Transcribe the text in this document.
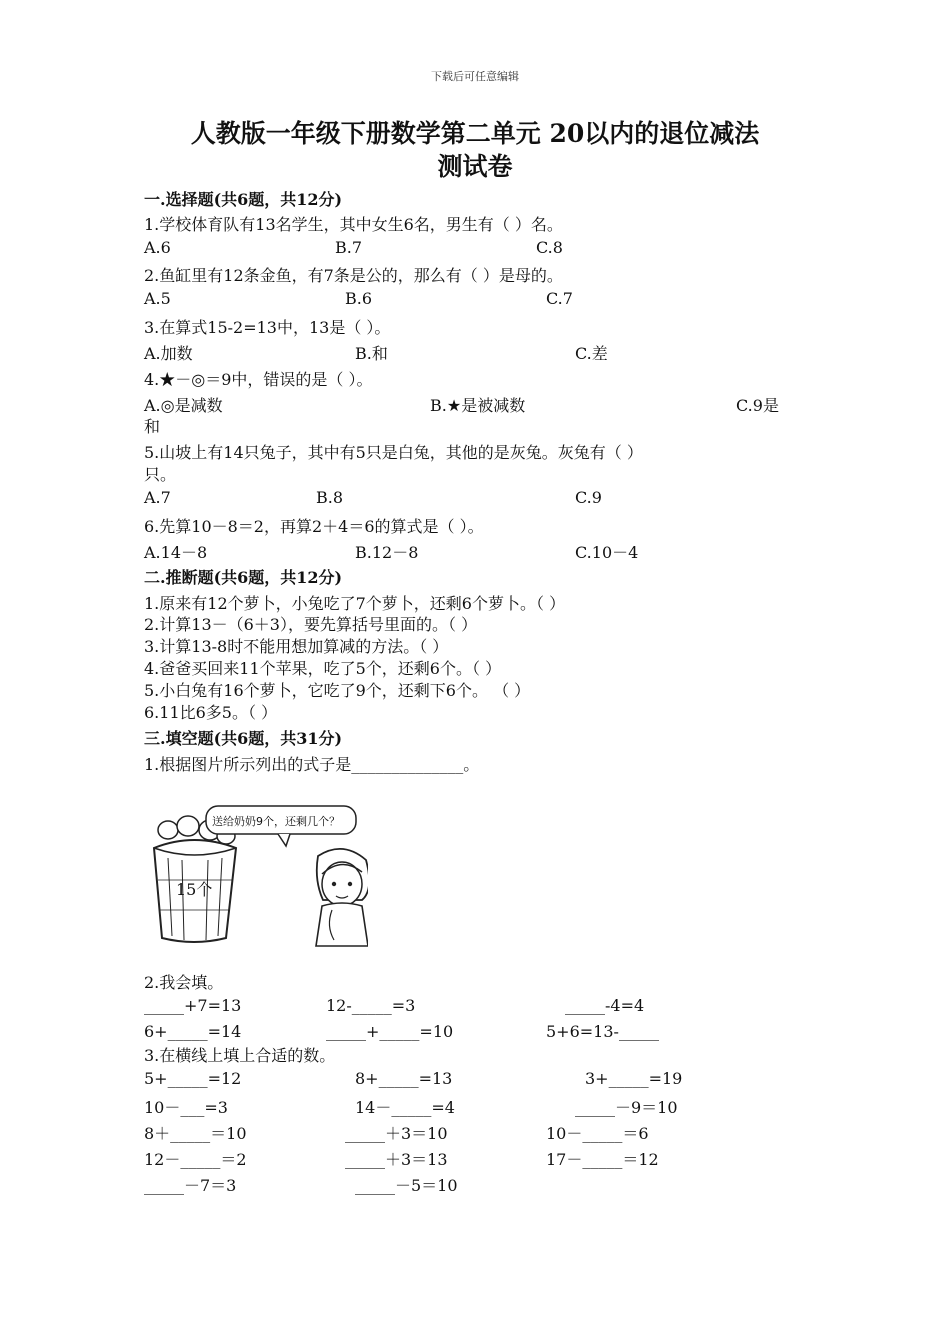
下载后可任意编辑
人教版一年级下册数学第二单元 20以内的退位减法
测试卷
一.选择题(共6题，共12分)
1.学校体育队有13名学生，其中女生6名，男生有（ ）名。
A.6	B.7	C.8
2.鱼缸里有12条金鱼，有7条是公的，那么有（ ）是母的。
A.5	B.6	C.7
3.在算式15-2=13中，13是（ ）。
A.加数	B.和	C.差
4.★－◎＝9中，错误的是（ ）。
A.◎是减数	B.★是被减数	C.9是
和
5.山坡上有14只兔子，其中有5只是白兔，其他的是灰兔。灰兔有（ ）
只。
A.7	B.8	C.9
6.先算10－8＝2，再算2＋4＝6的算式是（ ）。
A.14－8	B.12－8	C.10－4
二.推断题(共6题，共12分)
1.原来有12个萝卜，小兔吃了7个萝卜，还剩6个萝卜。（ ）
2.计算13－（6＋3），要先算括号里面的。（ ）
3.计算13-8时不能用想加算减的方法。（ ）
4.爸爸买回来11个苹果，吃了5个，还剩6个。（ ）
5.小白兔有16个萝卜，它吃了9个，还剩下6个。 （ ）
6.11比6多5。（ ）
三.填空题(共6题，共31分)
1.根据图片所示列出的式子是______________。
15个
送给奶奶9个，还剩几个？
2.我会填。
_____+7=13	12-_____=3	_____-4=4
6+_____=14	_____+_____=10	5+6=13-_____
3.在横线上填上合适的数。
5+_____=12	8+_____=13	3+_____=19
10－___=3	14－_____=4	_____－9＝10
8＋_____＝10	_____＋3＝10	10－_____＝6
12－_____＝2	_____＋3＝13	17－_____＝12
_____－7＝3	_____－5＝10
